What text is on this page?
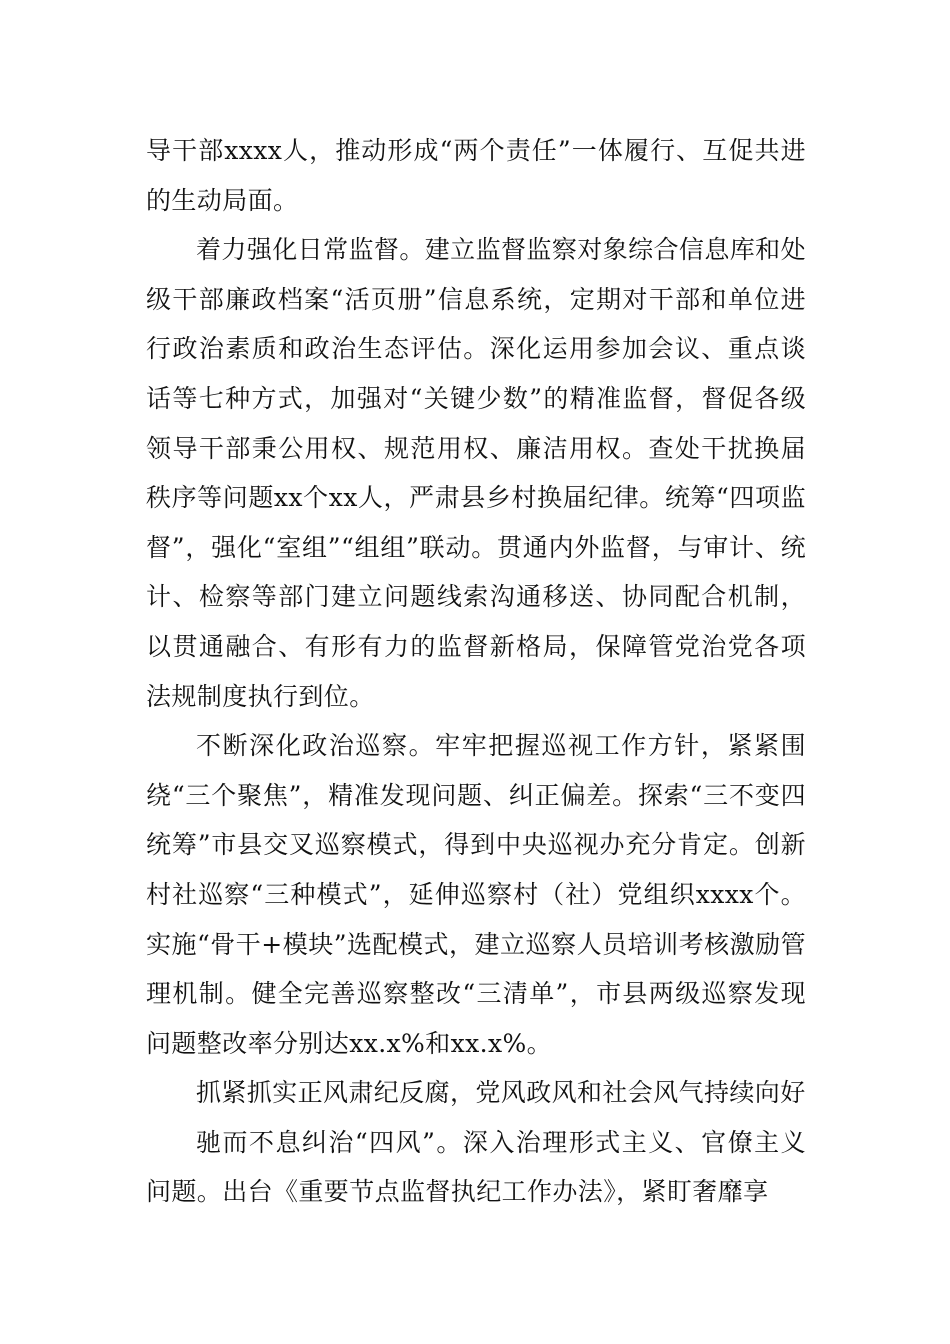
导干部xxxx人，推动形成“两个责任”一体履行、互促共进的生动局面。

着力强化日常监督。建立监督监察对象综合信息库和处级干部廉政档案“活页册”信息系统，定期对干部和单位进行政治素质和政治生态评估。深化运用参加会议、重点谈话等七种方式，加强对“关键少数”的精准监督，督促各级领导干部秉公用权、规范用权、廉洁用权。查处干扰换届秩序等问题xx个xx人，严肃县乡村换届纪律。统筹“四项监督”，强化“室组”“组组”联动。贯通内外监督，与审计、统计、检察等部门建立问题线索沟通移送、协同配合机制，以贯通融合、有形有力的监督新格局，保障管党治党各项法规制度执行到位。

不断深化政治巡察。牢牢把握巡视工作方针，紧紧围绕“三个聚焦”，精准发现问题、纠正偏差。探索“三不变四统筹”市县交叉巡察模式，得到中央巡视办充分肯定。创新村社巡察“三种模式”，延伸巡察村（社）党组织xxxx个。实施“骨干+模块”选配模式，建立巡察人员培训考核激励管理机制。健全完善巡察整改“三清单”，市县两级巡察发现问题整改率分别达xx.x%和xx.x%。

抓紧抓实正风肃纪反腐，党风政风和社会风气持续向好

驰而不息纠治“四风”。深入治理形式主义、官僚主义问题。出台《重要节点监督执纪工作办法》，紧盯奢靡享
